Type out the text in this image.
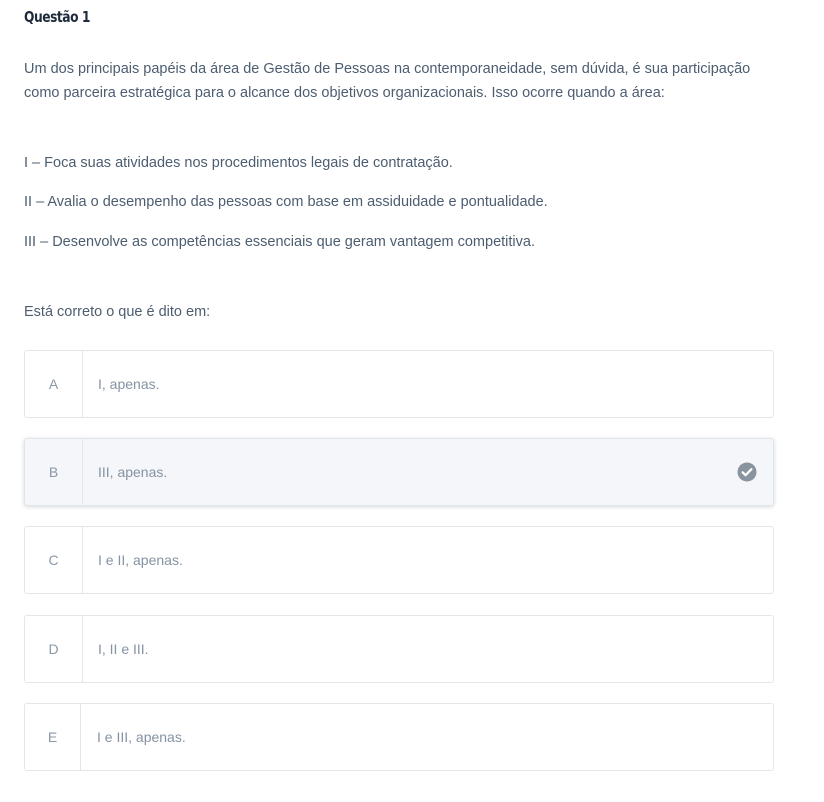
Questão 1

Um dos principais papéis da área de Gestão de Pessoas na contemporaneidade, sem dúvida, é sua participação como parceira estratégica para o alcance dos objetivos organizacionais. Isso ocorre quando a área:

I – Foca suas atividades nos procedimentos legais de contratação.

II – Avalia o desempenho das pessoas com base em assiduidade e pontualidade.

III – Desenvolve as competências essenciais que geram vantagem competitiva.

Está correto o que é dito em:

A	I, apenas.
B	III, apenas.
C	I e II, apenas.
D	I, II e III.
E	I e III, apenas.
